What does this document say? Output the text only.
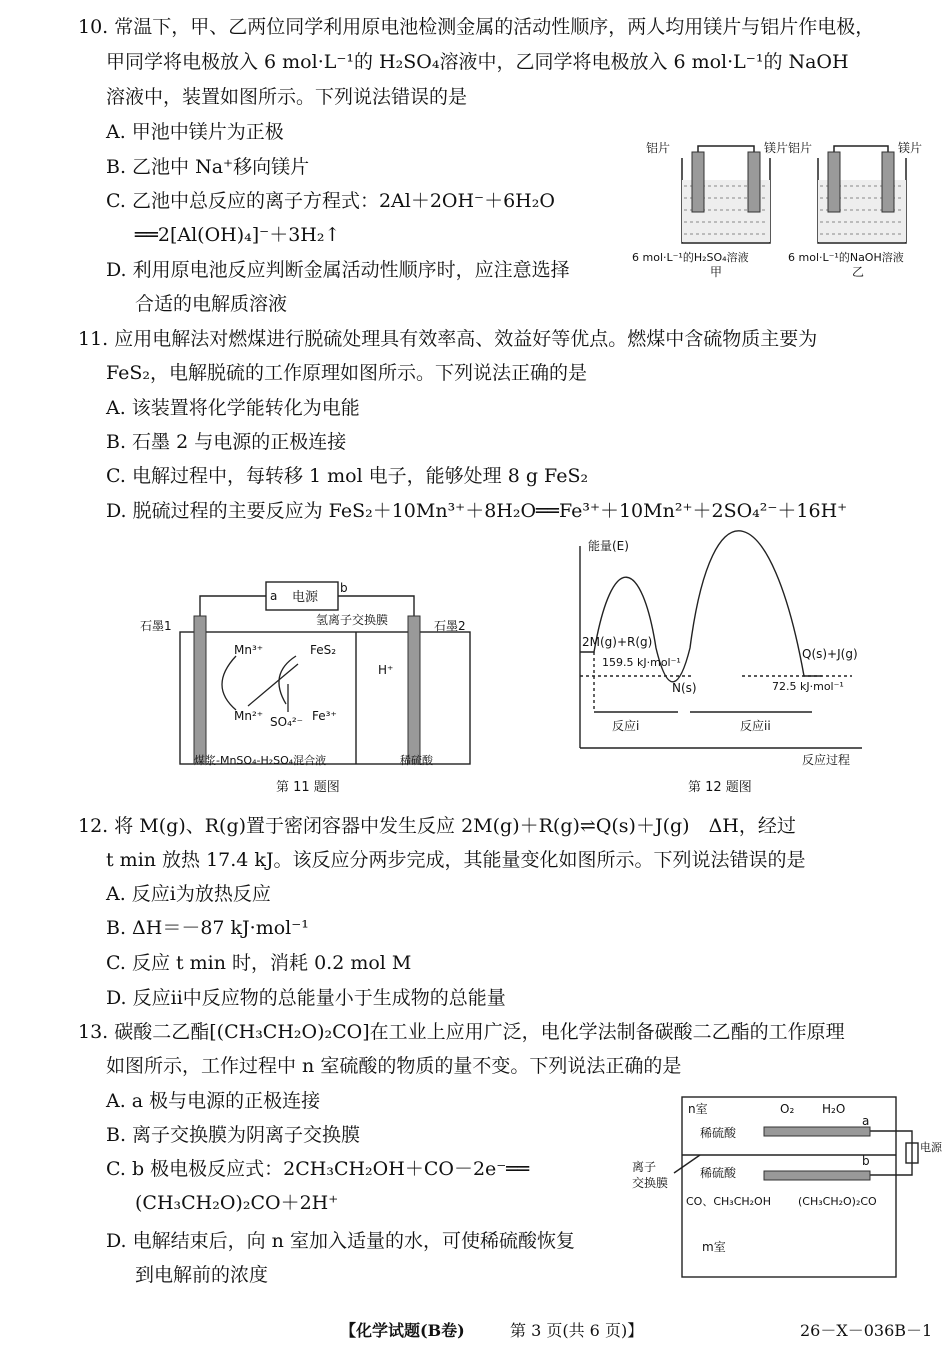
10. 常温下，甲、乙两位同学利用原电池检测金属的活动性顺序，两人均用镁片与铝片作电极，
甲同学将电极放入 6 mol·L⁻¹的 H₂SO₄溶液中，乙同学将电极放入 6 mol·L⁻¹的 NaOH
溶液中，装置如图所示。下列说法错误的是
A. 甲池中镁片为正极
B. 乙池中 Na⁺移向镁片
C. 乙池中总反应的离子方程式：2Al＋2OH⁻＋6H₂O
══2[Al(OH)₄]⁻＋3H₂↑
D. 利用原电池反应判断金属活动性顺序时，应注意选择
合适的电解质溶液
铝片	镁片 铝片	镁片
6 mol·L⁻¹的H₂SO₄溶液
甲
6 mol·L⁻¹的NaOH溶液
乙
11. 应用电解法对燃煤进行脱硫处理具有效率高、效益好等优点。燃煤中含硫物质主要为
FeS₂，电解脱硫的工作原理如图所示。下列说法正确的是
A. 该装置将化学能转化为电能
B. 石墨 2 与电源的正极连接
C. 电解过程中，每转移 1 mol 电子，能够处理 8 g FeS₂
D. 脱硫过程的主要反应为 FeS₂＋10Mn³⁺＋8H₂O══Fe³⁺＋10Mn²⁺＋2SO₄²⁻＋16H⁺
a 电源
b
石墨1	石墨2
氢离子交换膜
Mn³⁺	FeS₂
Mn²⁺ SO₄²⁻ Fe³⁺
H⁺
煤浆-MnSO₄-H₂SO₄混合液	稀硫酸
第 11 题图
能量(E)
反应过程
2M(g)+R(g)
159.5 kJ·mol⁻¹
N(s)
Q(s)+J(g)
72.5 kJ·mol⁻¹
反应i	反应ii
第 12 题图
12. 将 M(g)、R(g)置于密闭容器中发生反应 2M(g)＋R(g)⇌Q(s)＋J(g)　ΔH，经过
t min 放热 17.4 kJ。该反应分两步完成，其能量变化如图所示。下列说法错误的是
A. 反应ⅰ为放热反应
B. ΔH＝－87 kJ·mol⁻¹
C. 反应 t min 时，消耗 0.2 mol M
D. 反应ⅱ中反应物的总能量小于生成物的总能量
13. 碳酸二乙酯[(CH₃CH₂O)₂CO]在工业上应用广泛，电化学法制备碳酸二乙酯的工作原理
如图所示，工作过程中 n 室硫酸的物质的量不变。下列说法正确的是
A. a 极与电源的正极连接
B. 离子交换膜为阴离子交换膜
C. b 极电极反应式：2CH₃CH₂OH＋CO－2e⁻══
(CH₃CH₂O)₂CO＋2H⁺
D. 电解结束后，向 n 室加入适量的水，可使稀硫酸恢复
到电解前的浓度
n室	O₂ H₂O
稀硫酸
a
电源
离子
交换膜
稀硫酸
b
CO、CH₃CH₂OH (CH₃CH₂O)₂CO
m室
【化学试题(B卷)	第 3 页(共 6 页)】	26－X－036B－1
